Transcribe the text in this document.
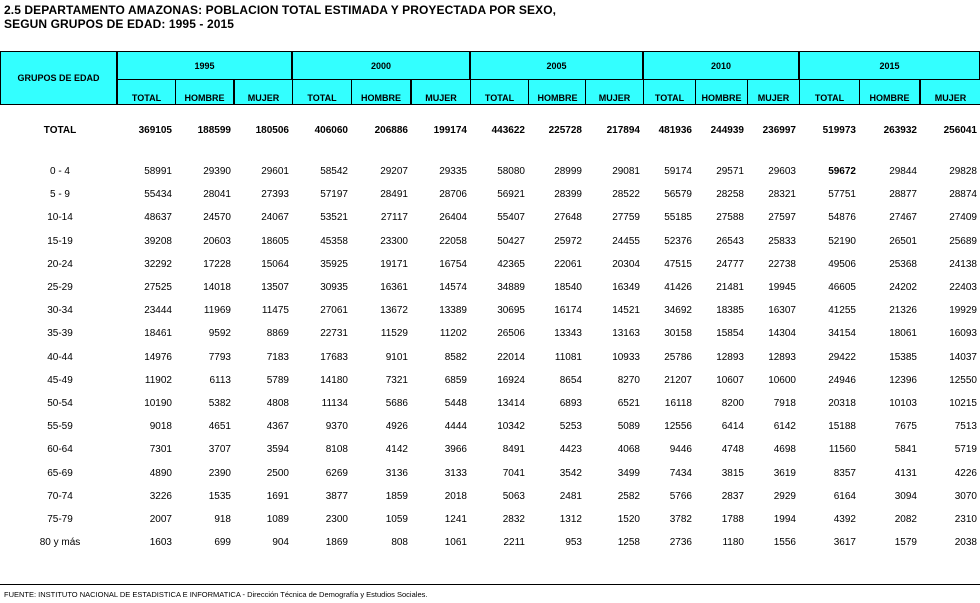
2.5 DEPARTAMENTO AMAZONAS: POBLACION TOTAL ESTIMADA Y PROYECTADA POR SEXO,
SEGUN GRUPOS DE EDAD: 1995 - 2015
GRUPOS DE EDAD
1995
TOTAL	HOMBRE	MUJER
2000
TOTAL	HOMBRE	MUJER
2005
TOTAL	HOMBRE	MUJER
2010
TOTAL	HOMBRE	MUJER
2015
TOTAL	HOMBRE	MUJER
TOTAL	369105	188599	180506	406060	206886	199174	443622	225728	217894	481936	244939	236997	519973	263932	256041
0 - 4	58991	29390	29601	58542	29207	29335	58080	28999	29081	59174	29571	29603	59672	29844	29828
5 - 9	55434	28041	27393	57197	28491	28706	56921	28399	28522	56579	28258	28321	57751	28877	28874
10-14	48637	24570	24067	53521	27117	26404	55407	27648	27759	55185	27588	27597	54876	27467	27409
15-19	39208	20603	18605	45358	23300	22058	50427	25972	24455	52376	26543	25833	52190	26501	25689
20-24	32292	17228	15064	35925	19171	16754	42365	22061	20304	47515	24777	22738	49506	25368	24138
25-29	27525	14018	13507	30935	16361	14574	34889	18540	16349	41426	21481	19945	46605	24202	22403
30-34	23444	11969	11475	27061	13672	13389	30695	16174	14521	34692	18385	16307	41255	21326	19929
35-39	18461	9592	8869	22731	11529	11202	26506	13343	13163	30158	15854	14304	34154	18061	16093
40-44	14976	7793	7183	17683	9101	8582	22014	11081	10933	25786	12893	12893	29422	15385	14037
45-49	11902	6113	5789	14180	7321	6859	16924	8654	8270	21207	10607	10600	24946	12396	12550
50-54	10190	5382	4808	11134	5686	5448	13414	6893	6521	16118	8200	7918	20318	10103	10215
55-59	9018	4651	4367	9370	4926	4444	10342	5253	5089	12556	6414	6142	15188	7675	7513
60-64	7301	3707	3594	8108	4142	3966	8491	4423	4068	9446	4748	4698	11560	5841	5719
65-69	4890	2390	2500	6269	3136	3133	7041	3542	3499	7434	3815	3619	8357	4131	4226
70-74	3226	1535	1691	3877	1859	2018	5063	2481	2582	5766	2837	2929	6164	3094	3070
75-79	2007	918	1089	2300	1059	1241	2832	1312	1520	3782	1788	1994	4392	2082	2310
80 y más	1603	699	904	1869	808	1061	2211	953	1258	2736	1180	1556	3617	1579	2038
FUENTE: INSTITUTO NACIONAL DE ESTADISTICA E INFORMATICA - Dirección Técnica de Demografía y Estudios Sociales.
